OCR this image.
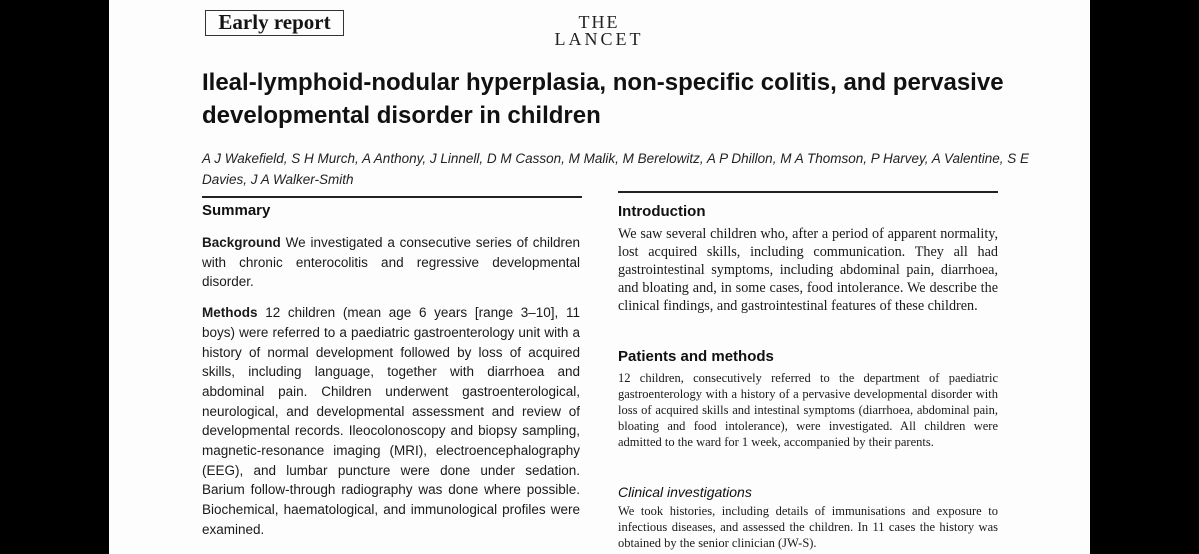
Early report	THE
LANCET
Ileal-lymphoid-nodular hyperplasia, non-specific colitis, and pervasive developmental disorder in children

A J Wakefield, S H Murch, A Anthony, J Linnell, D M Casson, M Malik, M Berelowitz, A P Dhillon, M A Thomson, P Harvey, A Valentine, S E Davies, J A Walker-Smith

Summary

Background We investigated a consecutive series of children with chronic enterocolitis and regressive developmental disorder.

Methods 12 children (mean age 6 years [range 3–10], 11 boys) were referred to a paediatric gastroenterology unit with a history of normal development followed by loss of acquired skills, including language, together with diarrhoea and abdominal pain. Children underwent gastroenterological, neurological, and developmental assessment and review of developmental records. Ileocolonoscopy and biopsy sampling, magnetic-resonance imaging (MRI), electroencephalography (EEG), and lumbar puncture were done under sedation. Barium follow-through radiography was done where possible. Biochemical, haematological, and immunological profiles were examined.

Introduction

We saw several children who, after a period of apparent normality, lost acquired skills, including communication. They all had gastrointestinal symptoms, including abdominal pain, diarrhoea, and bloating and, in some cases, food intolerance. We describe the clinical findings, and gastrointestinal features of these children.

Patients and methods

12 children, consecutively referred to the department of paediatric gastroenterology with a history of a pervasive developmental disorder with loss of acquired skills and intestinal symptoms (diarrhoea, abdominal pain, bloating and food intolerance), were investigated. All children were admitted to the ward for 1 week, accompanied by their parents.

Clinical investigations

We took histories, including details of immunisations and exposure to infectious diseases, and assessed the children. In 11 cases the history was obtained by the senior clinician (JW-S).
